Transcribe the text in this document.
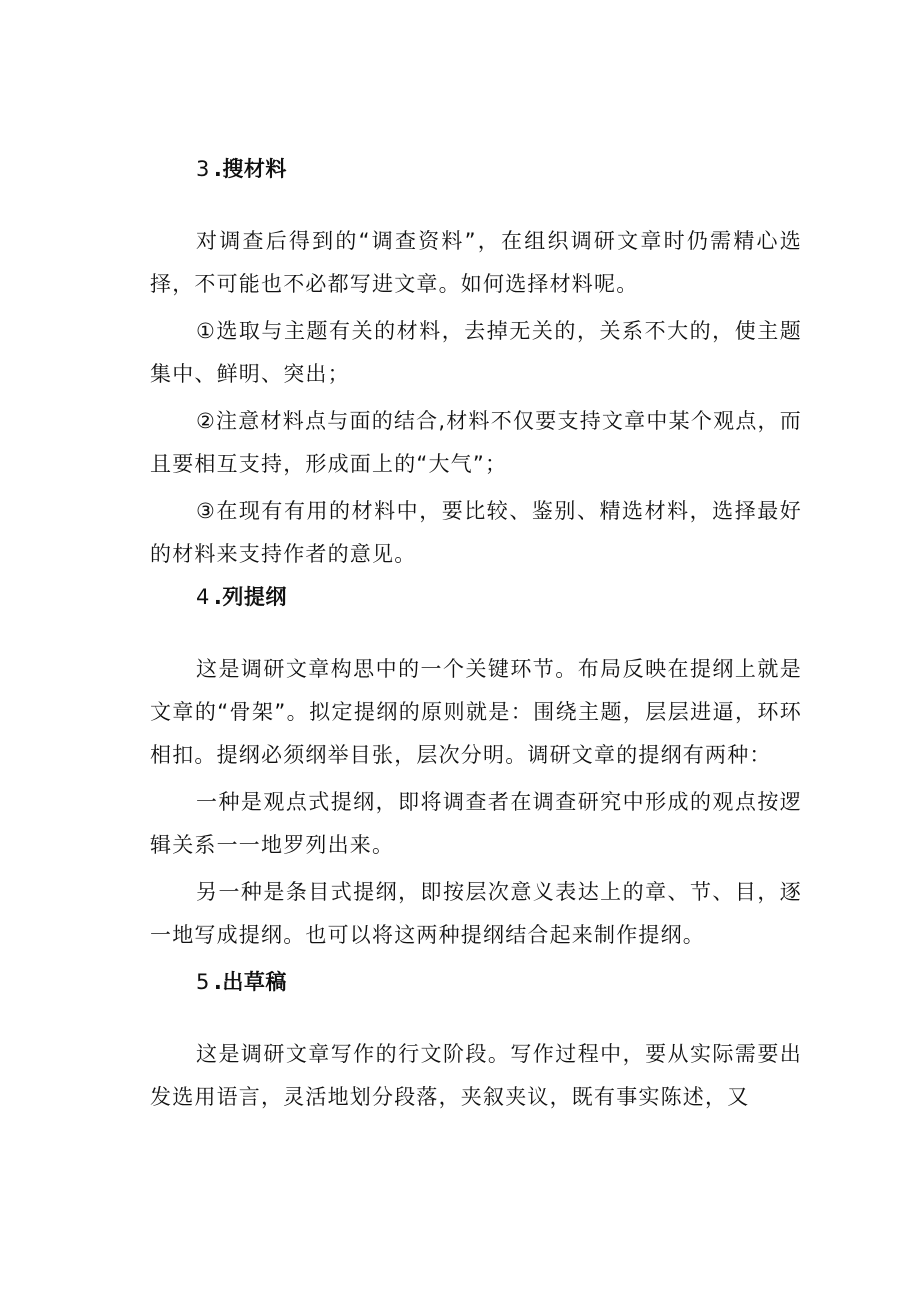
3 .搜材料

对调查后得到的“调查资料”，在组织调研文章时仍需精心选择，不可能也不必都写进文章。如何选择材料呢。

①选取与主题有关的材料，去掉无关的，关系不大的，使主题集中、鲜明、突出；

②注意材料点与面的结合,材料不仅要支持文章中某个观点，而且要相互支持，形成面上的“大气”；

③在现有有用的材料中，要比较、鉴别、精选材料，选择最好的材料来支持作者的意见。

4 .列提纲

这是调研文章构思中的一个关键环节。布局反映在提纲上就是文章的“骨架”。拟定提纲的原则就是：围绕主题，层层进逼，环环相扣。提纲必须纲举目张，层次分明。调研文章的提纲有两种：

一种是观点式提纲，即将调查者在调查研究中形成的观点按逻辑关系一一地罗列出来。

另一种是条目式提纲，即按层次意义表达上的章、节、目，逐一地写成提纲。也可以将这两种提纲结合起来制作提纲。

5 .出草稿

这是调研文章写作的行文阶段。写作过程中，要从实际需要出发选用语言，灵活地划分段落，夹叙夹议，既有事实陈述，又
